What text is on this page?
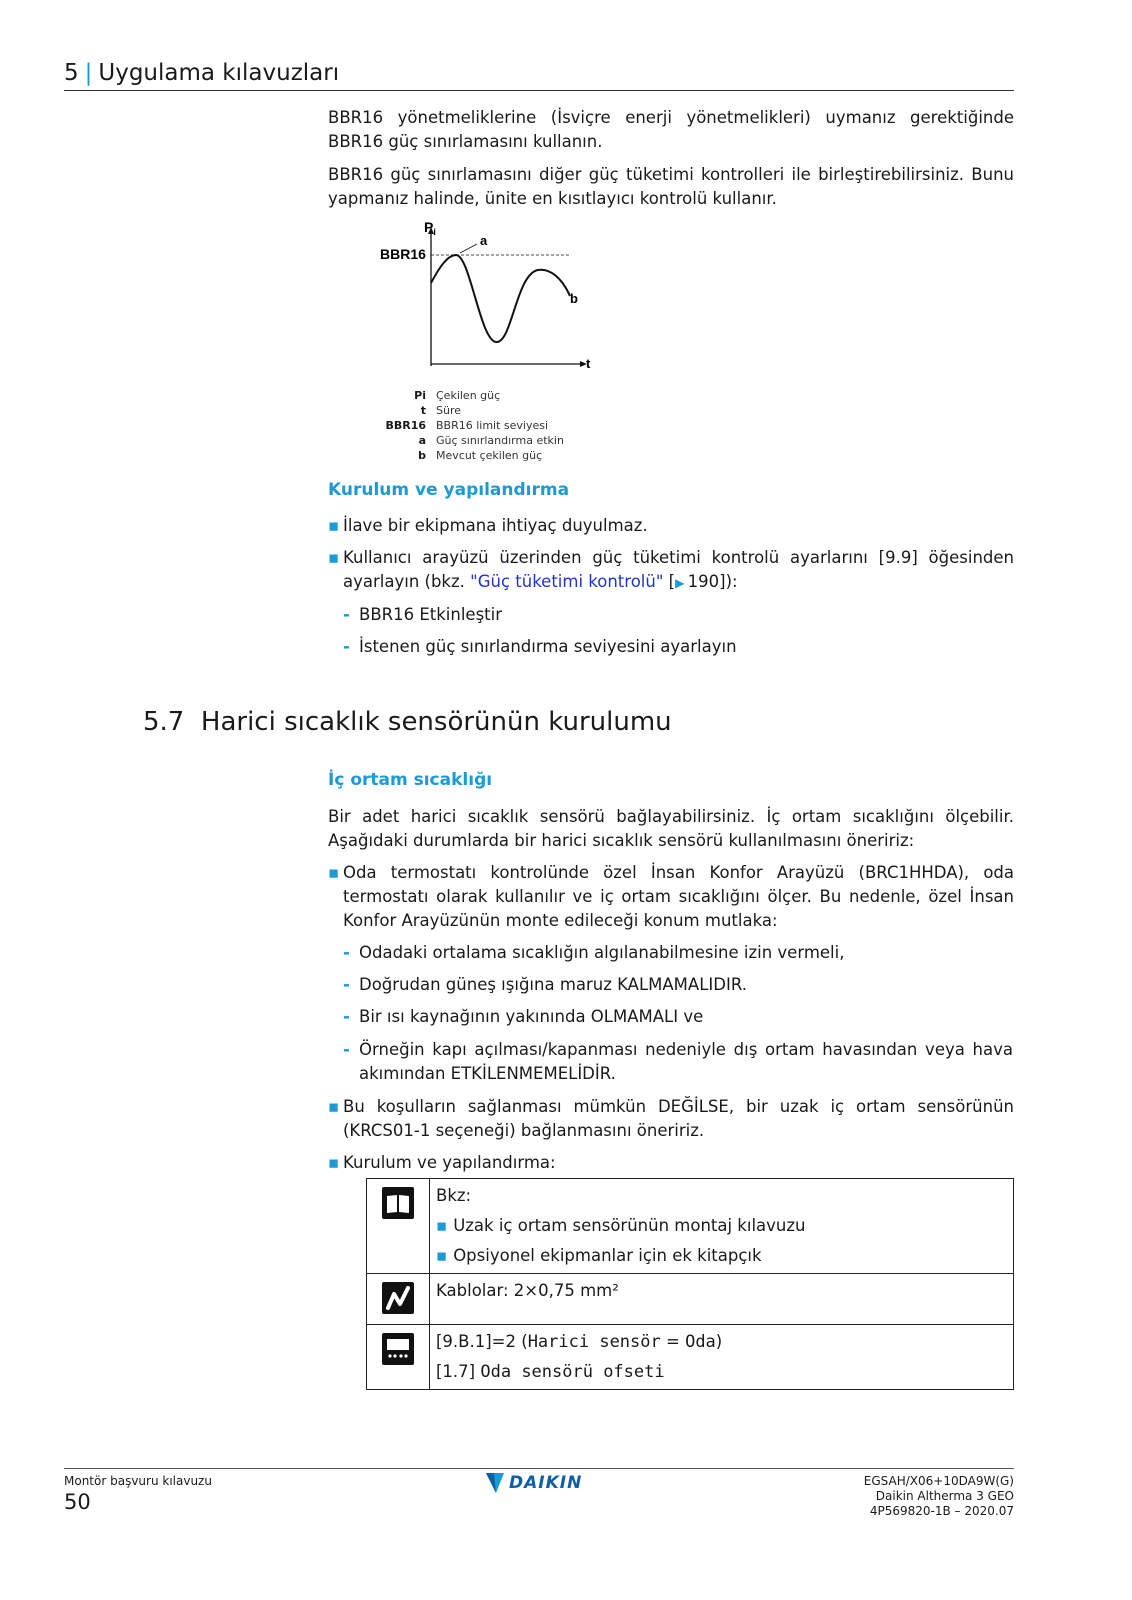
5 | Uygulama kılavuzları
BBR16 yönetmeliklerine (İsviçre enerji yönetmelikleri) uymanız gerektiğinde BBR16 güç sınırlamasını kullanın.
BBR16 güç sınırlamasını diğer güç tüketimi kontrolleri ile birleştirebilirsiniz. Bunu yapmanız halinde, ünite en kısıtlayıcı kontrolü kullanır.
$P_i$
BBR16
a
b
t
Pi Çekilen güç
t Süre
BBR16 BBR16 limit seviyesi
a Güç sınırlandırma etkin
b Mevcut çekilen güç
Kurulum ve yapılandırma
▪ İlave bir ekipmana ihtiyaç duyulmaz.
▪ Kullanıcı arayüzü üzerinden güç tüketimi kontrolü ayarlarını [9.9] öğesinden ayarlayın (bkz. "Güç tüketimi kontrolü" [▶  190]):
- BBR16 Etkinleştir
- İstenen güç sınırlandırma seviyesini ayarlayın
5.7 Harici sıcaklık sensörünün kurulumu
İç ortam sıcaklığı
Bir adet harici sıcaklık sensörü bağlayabilirsiniz. İç ortam sıcaklığını ölçebilir. Aşağıdaki durumlarda bir harici sıcaklık sensörü kullanılmasını öneririz:
▪ Oda termostatı kontrolünde özel İnsan Konfor Arayüzü (BRC1HHDA), oda termostatı olarak kullanılır ve iç ortam sıcaklığını ölçer. Bu nedenle, özel İnsan Konfor Arayüzünün monte edileceği konum mutlaka:
- Odadaki ortalama sıcaklığın algılanabilmesine izin vermeli,
- Doğrudan güneş ışığına maruz KALMAMALIDIR.
- Bir ısı kaynağının yakınında OLMAMALI ve
- Örneğin kapı açılması/kapanması nedeniyle dış ortam havasından veya hava akımından ETKİLENMEMELİDİR.
▪ Bu koşulların sağlanması mümkün DEĞİLSE, bir uzak iç ortam sensörünün (KRCS01-1 seçeneği) bağlanmasını öneririz.
▪ Kurulum ve yapılandırma:

Bkz:
▪ Uzak iç ortam sensörünün montaj kılavuzu
▪ Opsiyonel ekipmanlar için ek kitapçık

Kablolar: 2×0,75 mm²

[9.B.1]=2 (Harici sensör = Oda)
[1.7] Oda sensörü ofseti
Montör başvuru kılavuzu
50
DAIKIN	EGSAH/X06+10DA9W(G)
Daikin Altherma 3 GEO
4P569820-1B – 2020.07
